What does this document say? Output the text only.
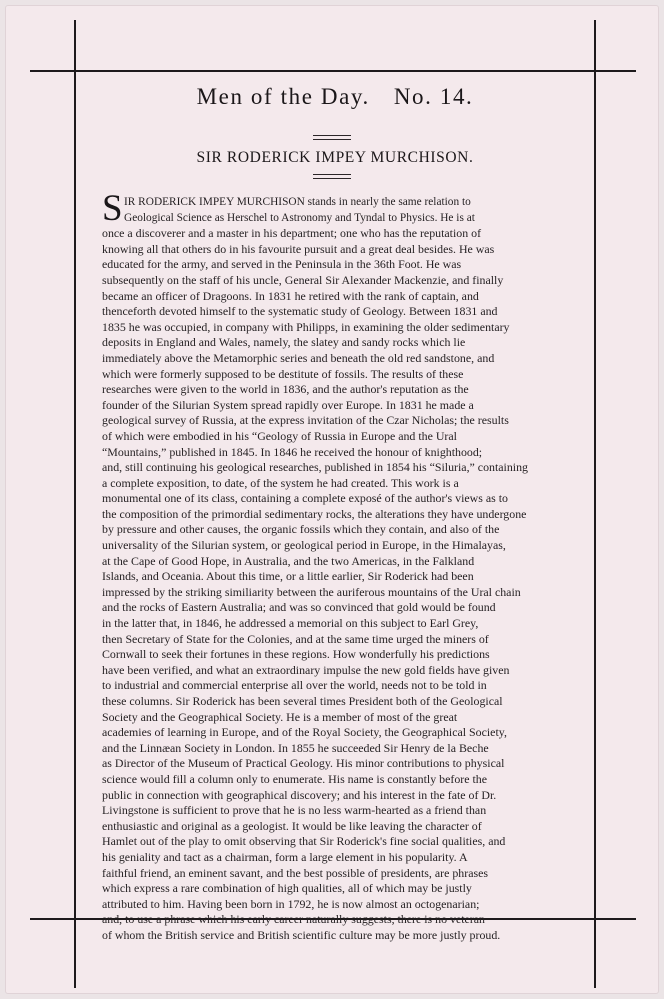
Men of the Day. No. 14.
SIR RODERICK IMPEY MURCHISON.
S IR RODERICK IMPEY MURCHISON stands in nearly the same relation to
Geological Science as Herschel to Astronomy and Tyndal to Physics. He is at
once a discoverer and a master in his department; one who has the reputation of
knowing all that others do in his favourite pursuit and a great deal besides. He was
educated for the army, and served in the Peninsula in the 36th Foot. He was
subsequently on the staff of his uncle, General Sir Alexander Mackenzie, and finally
became an officer of Dragoons. In 1831 he retired with the rank of captain, and
thenceforth devoted himself to the systematic study of Geology. Between 1831 and
1835 he was occupied, in company with Philipps, in examining the older sedimentary
deposits in England and Wales, namely, the slatey and sandy rocks which lie
immediately above the Metamorphic series and beneath the old red sandstone, and
which were formerly supposed to be destitute of fossils. The results of these
researches were given to the world in 1836, and the author's reputation as the
founder of the Silurian System spread rapidly over Europe. In 1831 he made a
geological survey of Russia, at the express invitation of the Czar Nicholas; the results
of which were embodied in his “Geology of Russia in Europe and the Ural
“Mountains,” published in 1845. In 1846 he received the honour of knighthood;
and, still continuing his geological researches, published in 1854 his “Siluria,” containing
a complete exposition, to date, of the system he had created. This work is a
monumental one of its class, containing a complete exposé of the author's views as to
the composition of the primordial sedimentary rocks, the alterations they have undergone
by pressure and other causes, the organic fossils which they contain, and also of the
universality of the Silurian system, or geological period in Europe, in the Himalayas,
at the Cape of Good Hope, in Australia, and the two Americas, in the Falkland
Islands, and Oceania. About this time, or a little earlier, Sir Roderick had been
impressed by the striking similiarity between the auriferous mountains of the Ural chain
and the rocks of Eastern Australia; and was so convinced that gold would be found
in the latter that, in 1846, he addressed a memorial on this subject to Earl Grey,
then Secretary of State for the Colonies, and at the same time urged the miners of
Cornwall to seek their fortunes in these regions. How wonderfully his predictions
have been verified, and what an extraordinary impulse the new gold fields have given
to industrial and commercial enterprise all over the world, needs not to be told in
these columns. Sir Roderick has been several times President both of the Geological
Society and the Geographical Society. He is a member of most of the great
academies of learning in Europe, and of the Royal Society, the Geographical Society,
and the Linnæan Society in London. In 1855 he succeeded Sir Henry de la Beche
as Director of the Museum of Practical Geology. His minor contributions to physical
science would fill a column only to enumerate. His name is constantly before the
public in connection with geographical discovery; and his interest in the fate of Dr.
Livingstone is sufficient to prove that he is no less warm-hearted as a friend than
enthusiastic and original as a geologist. It would be like leaving the character of
Hamlet out of the play to omit observing that Sir Roderick's fine social qualities, and
his geniality and tact as a chairman, form a large element in his popularity. A
faithful friend, an eminent savant, and the best possible of presidents, are phrases
which express a rare combination of high qualities, all of which may be justly
attributed to him. Having been born in 1792, he is now almost an octogenarian;
and, to use a phrase which his early career naturally suggests, there is no veteran
of whom the British service and British scientific culture may be more justly proud.
